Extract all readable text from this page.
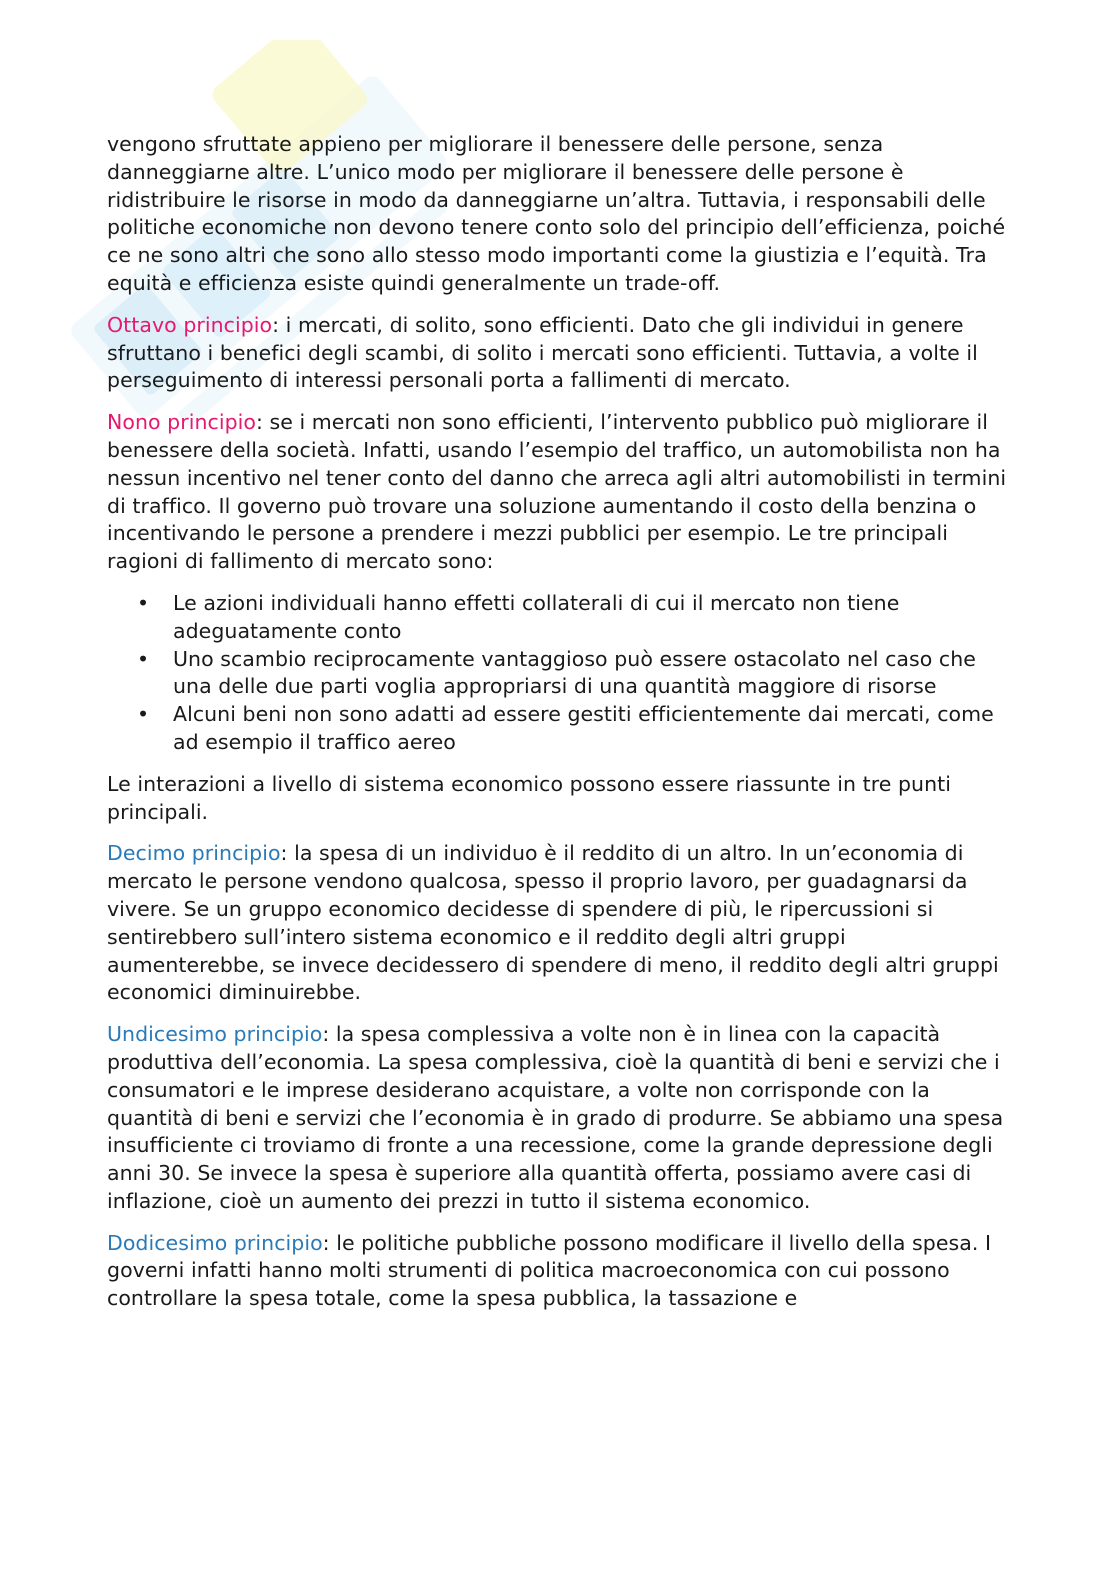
vengono sfruttate appieno per migliorare il benessere delle persone, senza danneggiarne altre. L’unico modo per migliorare il benessere delle persone è ridistribuire le risorse in modo da danneggiarne un’altra. Tuttavia, i responsabili delle politiche economiche non devono tenere conto solo del principio dell’efficienza, poiché ce ne sono altri che sono allo stesso modo importanti come la giustizia e l’equità. Tra equità e efficienza esiste quindi generalmente un trade-off.

Ottavo principio: i mercati, di solito, sono efficienti. Dato che gli individui in genere sfruttano i benefici degli scambi, di solito i mercati sono efficienti. Tuttavia, a volte il perseguimento di interessi personali porta a fallimenti di mercato.

Nono principio: se i mercati non sono efficienti, l’intervento pubblico può migliorare il benessere della società. Infatti, usando l’esempio del traffico, un automobilista non ha nessun incentivo nel tener conto del danno che arreca agli altri automobilisti in termini di traffico. Il governo può trovare una soluzione aumentando il costo della benzina o incentivando le persone a prendere i mezzi pubblici per esempio. Le tre principali ragioni di fallimento di mercato sono:

• Le azioni individuali hanno effetti collaterali di cui il mercato non tiene adeguatamente conto
• Uno scambio reciprocamente vantaggioso può essere ostacolato nel caso che una delle due parti voglia appropriarsi di una quantità maggiore di risorse
• Alcuni beni non sono adatti ad essere gestiti efficientemente dai mercati, come ad esempio il traffico aereo

Le interazioni a livello di sistema economico possono essere riassunte in tre punti principali.

Decimo principio: la spesa di un individuo è il reddito di un altro. In un’economia di mercato le persone vendono qualcosa, spesso il proprio lavoro, per guadagnarsi da vivere. Se un gruppo economico decidesse di spendere di più, le ripercussioni si sentirebbero sull’intero sistema economico e il reddito degli altri gruppi aumenterebbe, se invece decidessero di spendere di meno, il reddito degli altri gruppi economici diminuirebbe.

Undicesimo principio: la spesa complessiva a volte non è in linea con la capacità produttiva dell’economia. La spesa complessiva, cioè la quantità di beni e servizi che i consumatori e le imprese desiderano acquistare, a volte non corrisponde con la quantità di beni e servizi che l’economia è in grado di produrre. Se abbiamo una spesa insufficiente ci troviamo di fronte a una recessione, come la grande depressione degli anni 30. Se invece la spesa è superiore alla quantità offerta, possiamo avere casi di inflazione, cioè un aumento dei prezzi in tutto il sistema economico.

Dodicesimo principio: le politiche pubbliche possono modificare il livello della spesa. I governi infatti hanno molti strumenti di politica macroeconomica con cui possono controllare la spesa totale, come la spesa pubblica, la tassazione e
